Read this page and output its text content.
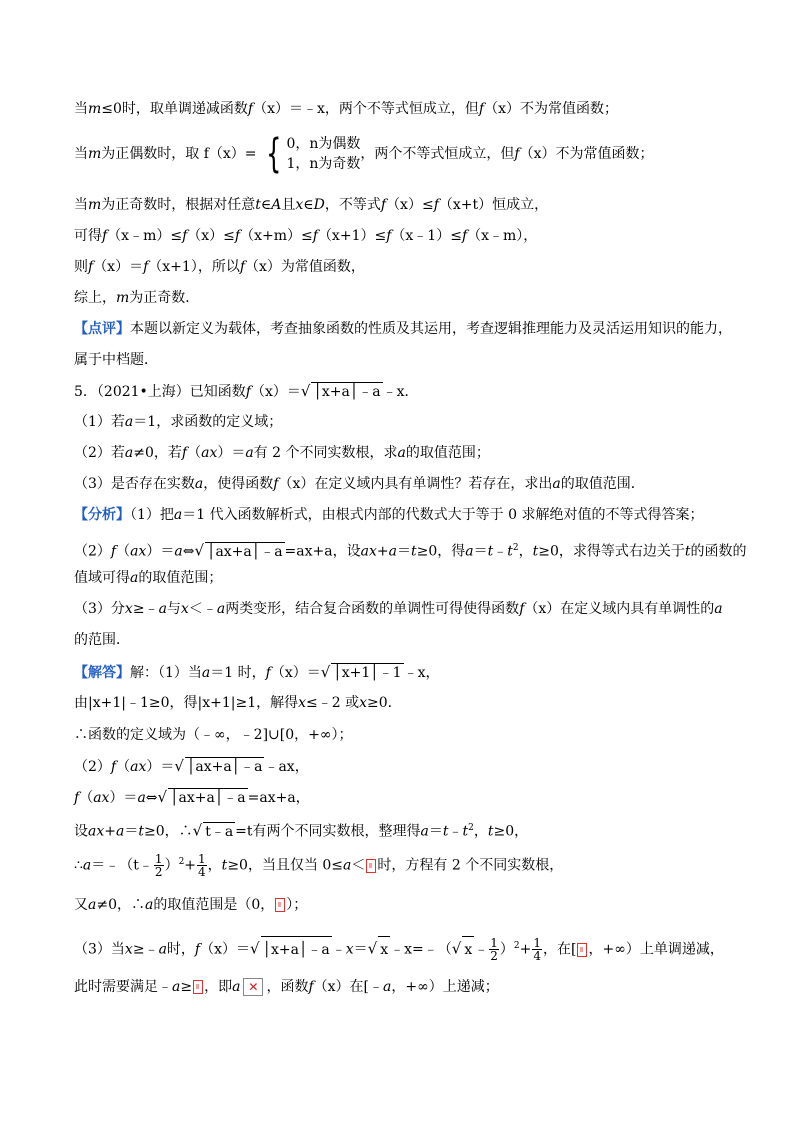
当m≤0时，取单调递减函数f（x）＝﹣x，两个不等式恒成立，但f（x）不为常值函数；
当m为正偶数时，取 f（x）= { 0，n为偶数
1，n为奇数
，两个不等式恒成立，但f（x）不为常值函数；
当m为正奇数时，根据对任意t∈A且x∈D，不等式f（x）≤f（x+t）恒成立，
可得f（x﹣m）≤f（x）≤f（x+m）≤f（x+1）≤f（x﹣1）≤f（x﹣m），
则f（x）＝f（x+1），所以f（x）为常值函数，
综上，m为正奇数．
【点评】本题以新定义为载体，考查抽象函数的性质及其运用，考查逻辑推理能力及灵活运用知识的能力，
属于中档题．
5．（2021•上海）已知函数f（x）＝√ │x+a│﹣a ﹣x．
（1）若a＝1，求函数的定义域；
（2）若a≠0，若f（ax）＝a有 2 个不同实数根，求a的取值范围；
（3）是否存在实数a，使得函数f（x）在定义域内具有单调性？若存在，求出a的取值范围．
【分析】（1）把a＝1 代入函数解析式，由根式内部的代数式大于等于 0 求解绝对值的不等式得答案；
（2）f（ax）＝a⇔√ │ax+a│﹣a =ax+a，设ax+a＝t≥0，得$a=t﹣t^2$，t≥0，求得等式右边关于t的函数的
值域可得a的取值范围；
（3）分x≥﹣a与x＜﹣a两类变形，结合复合函数的单调性可得使得函数f（x）在定义域内具有单调性的a
的范围．
【解答】解：（1）当a＝1 时，f（x）＝√ │x+1│﹣1 ﹣x，
由|x+1|﹣1≥0，得|x+1|≥1，解得x≤﹣2 或x≥0．
∴函数的定义域为（﹣∞，﹣2]∪[0，+∞）；
（2）f（ax）＝√ │ax+a│﹣a ﹣ax，
f（ax）＝a⇔√ │ax+a│﹣a =ax+a，
设ax+a＝t≥0，∴√ t﹣a =t有两个不同实数根，整理得$a=t﹣t^2$，t≥0，
∴a＝﹣（t﹣ $\frac{1}{2} )^2+ \frac{1}{4}$ ，t≥0，当且仅当 0≤a＜ 时，方程有 2 个不同实数根，
又a≠0，∴a的取值范围是（0， ）；
（3）当x≥﹣a时，f（x）＝√ │x+a│﹣a ﹣x＝√ x ﹣x=﹣（√ x ﹣ $\frac{1}{2} )^2+ \frac{1}{4}$ ，在[ ，+∞）上单调递减，
此时需要满足﹣a≥ ，即a ✕ ，函数f（x）在[﹣a，+∞）上递减；
